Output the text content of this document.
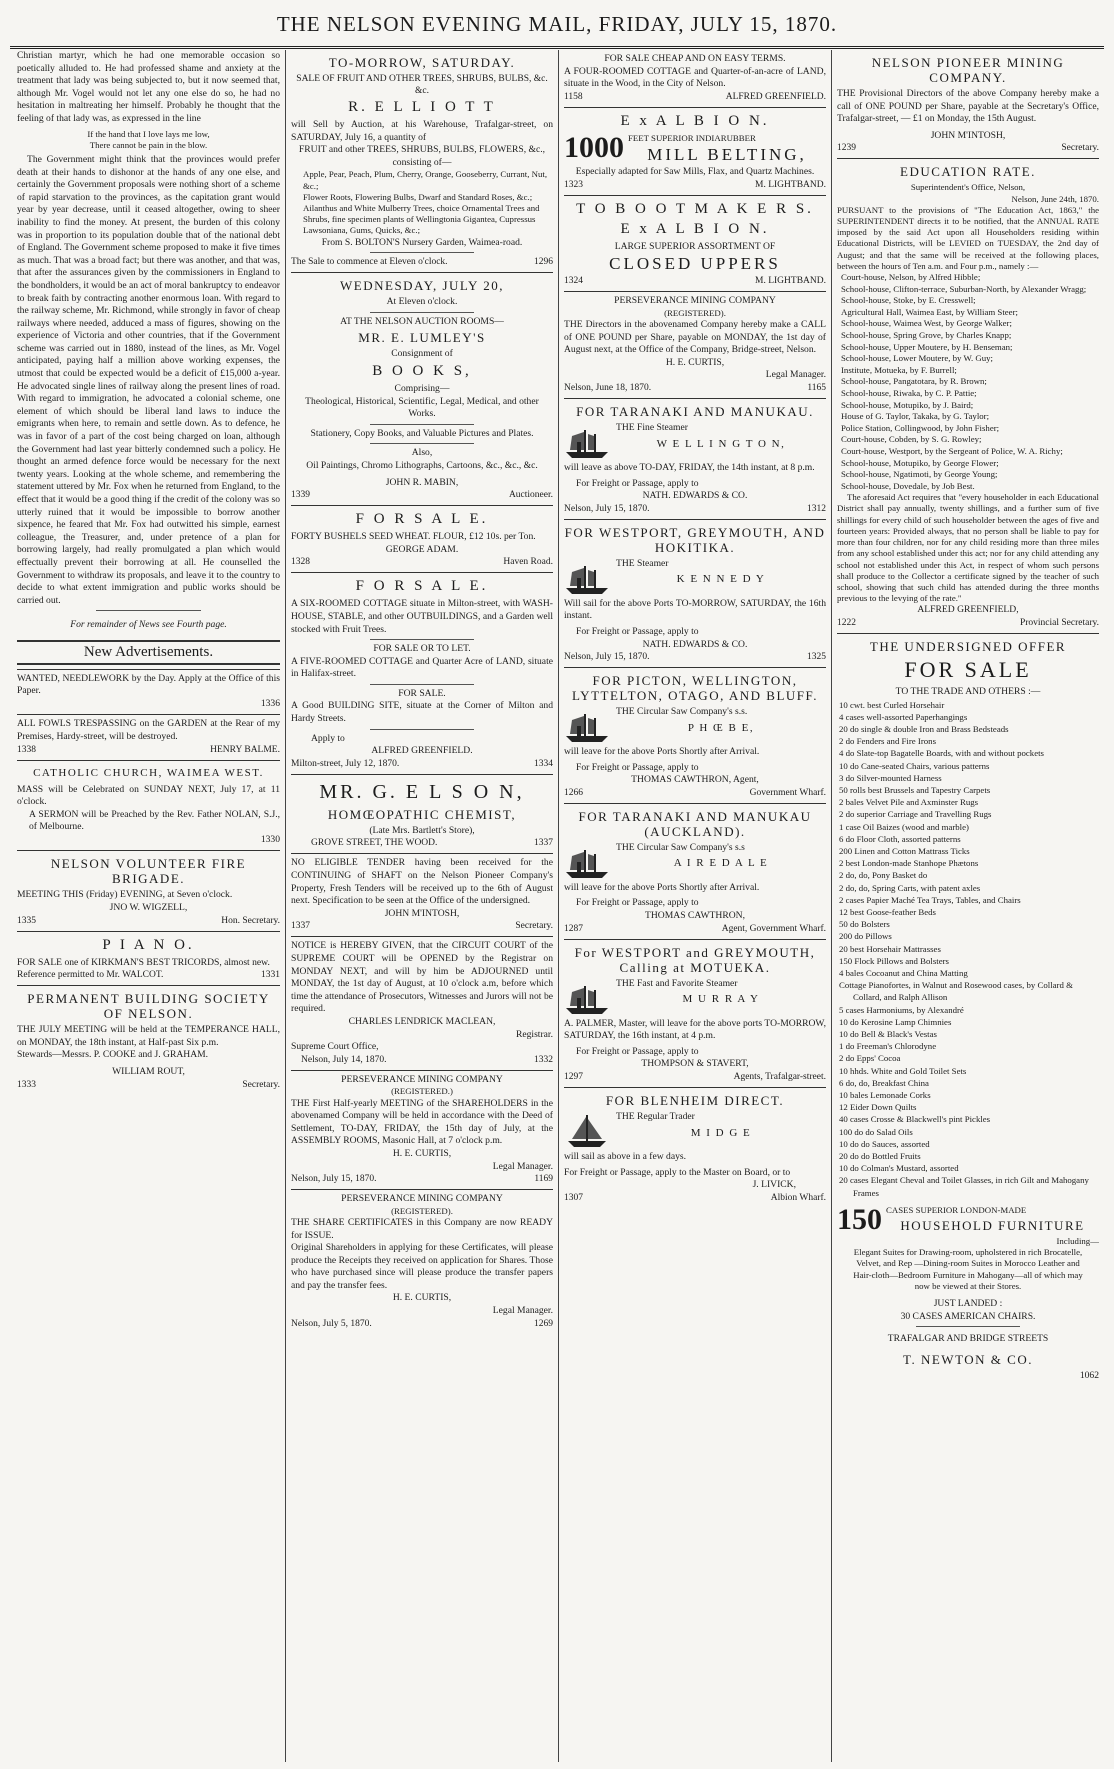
THE NELSON EVENING MAIL, FRIDAY, JULY 15, 1870.

Christian martyr, which he had one memorable occasion so poetically alluded to. He had professed shame and anxiety at the treatment that lady was being subjected to, but it now seemed that, although Mr. Vogel would not let any one else do so, he had no hesitation in maltreating her himself. Probably he thought that the feeling of that lady was, as expressed in the line

If the hand that I love lays me low,
There cannot be pain in the blow.

The Government might think that the provinces would prefer death at their hands to dishonor at the hands of any one else, and certainly the Government proposals were nothing short of a scheme of rapid starvation to the provinces, as the capitation grant would year by year decrease, until it ceased altogether, owing to sheer inability to find the money. At present, the burden of this colony was in proportion to its population double that of the national debt of England. The Government scheme proposed to make it five times as much. That was a broad fact; but there was another, and that was, that after the assurances given by the commissioners in England to the bondholders, it would be an act of moral bankruptcy to endeavor to break faith by contracting another enormous loan. With regard to the railway scheme, Mr. Richmond, while strongly in favor of cheap railways where needed, adduced a mass of figures, showing on the experience of Victoria and other countries, that if the Government scheme was carried out in 1880, instead of the lines, as Mr. Vogel anticipated, paying half a million above working expenses, the utmost that could be expected would be a deficit of £15,000 a-year. He advocated single lines of railway along the present lines of road. With regard to immigration, he advocated a colonial scheme, one element of which should be liberal land laws to induce the emigrants when here, to remain and settle down. As to defence, he was in favor of a part of the cost being charged on loan, although the Government had last year bitterly condemned such a policy. He thought an armed defence force would be necessary for the next twenty years. Looking at the whole scheme, and remembering the statement uttered by Mr. Fox when he returned from England, to the effect that it would be a good thing if the credit of the colony was so utterly ruined that it would be impossible to borrow another sixpence, he feared that Mr. Fox had outwitted his simple, earnest colleague, the Treasurer, and, under pretence of a plan for borrowing largely, had really promulgated a plan which would effectually prevent their borrowing at all. He counselled the Government to withdraw its proposals, and leave it to the country to decide to what extent immigration and public works should be carried out.

For remainder of News see Fourth page.
New Advertisements.
WANTED, NEEDLEWORK by the Day. Apply at the Office of this Paper.
1336
ALL FOWLS TRESPASSING on the GARDEN at the Rear of my Premises, Hardy-street, will be destroyed.
1338	HENRY BALME.
CATHOLIC CHURCH, WAIMEA WEST.
MASS will be Celebrated on SUNDAY NEXT, July 17, at 11 o'clock.
A SERMON will be Preached by the Rev. Father NOLAN, S.J., of Melbourne.
1330
NELSON VOLUNTEER FIRE BRIGADE.
MEETING THIS (Friday) EVENING, at Seven o'clock.
JNO W. WIGZELL,
1335	Hon. Secretary.
P I A N O.
FOR SALE one of KIRKMAN'S BEST TRICORDS, almost new.
Reference permitted to Mr. WALCOT.	1331
PERMANENT BUILDING SOCIETY OF NELSON.
THE JULY MEETING will be held at the TEMPERANCE HALL, on MONDAY, the 18th instant, at Half-past Six p.m.
Stewards—Messrs. P. COOKE and J. GRAHAM.
WILLIAM ROUT,
1333	Secretary.
TO-MORROW, SATURDAY.
SALE OF FRUIT AND OTHER TREES, SHRUBS, BULBS, &c. &c.
R. E L L I O T T
will Sell by Auction, at his Warehouse, Trafalgar-street, on SATURDAY, July 16, a quantity of
FRUIT and other TREES, SHRUBS, BULBS, FLOWERS, &c., consisting of—
Apple, Pear, Peach, Plum, Cherry, Orange, Gooseberry, Currant, Nut, &c.;
Flower Roots, Flowering Bulbs, Dwarf and Standard Roses, &c.;
Ailanthus and White Mulberry Trees, choice Ornamental Trees and Shrubs, fine specimen plants of Wellingtonia Gigantea, Cupressus Lawsoniana, Gums, Quicks, &c.;
From S. BOLTON'S Nursery Garden, Waimea-road.
The Sale to commence at Eleven o'clock.	1296
WEDNESDAY, JULY 20,
At Eleven o'clock.
AT THE NELSON AUCTION ROOMS—
MR. E. LUMLEY'S
Consignment of
B O O K S,
Comprising—
Theological, Historical, Scientific, Legal, Medical, and other Works.
Stationery, Copy Books, and Valuable Pictures and Plates.
Also,
Oil Paintings, Chromo Lithographs, Cartoons, &c., &c., &c.
JOHN R. MABIN,
1339	Auctioneer.
F O R S A L E.
FORTY BUSHELS SEED WHEAT. FLOUR, £12 10s. per Ton.
GEORGE ADAM.
1328	Haven Road.
F O R S A L E.
A SIX-ROOMED COTTAGE situate in Milton-street, with WASH-HOUSE, STABLE, and other OUTBUILDINGS, and a Garden well stocked with Fruit Trees.
FOR SALE OR TO LET.
A FIVE-ROOMED COTTAGE and Quarter Acre of LAND, situate in Halifax-street.
FOR SALE.
A Good BUILDING SITE, situate at the Corner of Milton and Hardy Streets.
Apply to
ALFRED GREENFIELD.
Milton-street, July 12, 1870.	1334
MR. G. E L S O N,
HOMŒOPATHIC CHEMIST,
(Late Mrs. Bartlett's Store),
GROVE STREET, THE WOOD.	1337
NO ELIGIBLE TENDER having been received for the CONTINUING of SHAFT on the Nelson Pioneer Company's Property, Fresh Tenders will be received up to the 6th of August next. Specification to be seen at the Office of the undersigned.
JOHN M'INTOSH,
1337	Secretary.
NOTICE is HEREBY GIVEN, that the CIRCUIT COURT of the SUPREME COURT will be OPENED by the Registrar on MONDAY NEXT, and will by him be ADJOURNED until MONDAY, the 1st day of August, at 10 o'clock a.m, before which time the attendance of Prosecutors, Witnesses and Jurors will not be required.
CHARLES LENDRICK MACLEAN,
Registrar.
Supreme Court Office,
Nelson, July 14, 1870.	1332
PERSEVERANCE MINING COMPANY
(REGISTERED.)
THE First Half-yearly MEETING of the SHAREHOLDERS in the abovenamed Company will be held in accordance with the Deed of Settlement, TO-DAY, FRIDAY, the 15th day of July, at the ASSEMBLY ROOMS, Masonic Hall, at 7 o'clock p.m.
H. E. CURTIS,
Legal Manager.
Nelson, July 15, 1870.	1169
PERSEVERANCE MINING COMPANY
(REGISTERED).
THE SHARE CERTIFICATES in this Company are now READY for ISSUE.
Original Shareholders in applying for these Certificates, will please produce the Receipts they received on application for Shares. Those who have purchased since will please produce the transfer papers and pay the transfer fees.
H. E. CURTIS,
Legal Manager.
Nelson, July 5, 1870.	1269
FOR SALE CHEAP AND ON EASY TERMS.
A FOUR-ROOMED COTTAGE and Quarter-of-an-acre of LAND, situate in the Wood, in the City of Nelson.
1158	ALFRED GREENFIELD.
E x A L B I O N.
1000 FEET SUPERIOR INDIARUBBER
MILL BELTING,
Especially adapted for Saw Mills, Flax, and Quartz Machines.
1323	M. LIGHTBAND.
T O B O O T M A K E R S.
E x A L B I O N.
LARGE SUPERIOR ASSORTMENT OF
CLOSED UPPERS
1324	M. LIGHTBAND.
PERSEVERANCE MINING COMPANY
(REGISTERED).
THE Directors in the abovenamed Company hereby make a CALL of ONE POUND per Share, payable on MONDAY, the 1st day of August next, at the Office of the Company, Bridge-street, Nelson.
H. E. CURTIS,
Legal Manager.
Nelson, June 18, 1870.	1165
FOR TARANAKI AND MANUKAU.
THE Fine Steamer
W E L L I N G T O N,
will leave as above TO-DAY, FRIDAY, the 14th instant, at 8 p.m.
For Freight or Passage, apply to
NATH. EDWARDS & CO.
Nelson, July 15, 1870.	1312
FOR WESTPORT, GREYMOUTH, AND HOKITIKA.
THE Steamer
K E N N E D Y
Will sail for the above Ports TO-MORROW, SATURDAY, the 16th instant.
For Freight or Passage, apply to
NATH. EDWARDS & CO.
Nelson, July 15, 1870.	1325
FOR PICTON, WELLINGTON, LYTTELTON, OTAGO, AND BLUFF.
THE Circular Saw Company's s.s.
P H Œ B E,
will leave for the above Ports Shortly after Arrival.
For Freight or Passage, apply to
THOMAS CAWTHRON, Agent,
1266	Government Wharf.
FOR TARANAKI AND MANUKAU (AUCKLAND).
THE Circular Saw Company's s.s
A I R E D A L E
will leave for the above Ports Shortly after Arrival.
For Freight or Passage, apply to
THOMAS CAWTHRON,
1287	Agent, Government Wharf.
For WESTPORT and GREYMOUTH, Calling at MOTUEKA.
THE Fast and Favorite Steamer
M U R R A Y
A. PALMER, Master, will leave for the above ports TO-MORROW, SATURDAY, the 16th instant, at 4 p.m.
For Freight or Passage, apply to
THOMPSON & STAVERT,
1297	Agents, Trafalgar-street.
FOR BLENHEIM DIRECT.
THE Regular Trader
M I D G E
will sail as above in a few days.
For Freight or Passage, apply to the Master on Board, or to
J. LIVICK,
1307	Albion Wharf.
NELSON PIONEER MINING COMPANY.
THE Provisional Directors of the above Company hereby make a call of ONE POUND per Share, payable at the Secretary's Office, Trafalgar-street, — £1 on Monday, the 15th August.
JOHN M'INTOSH,
1239	Secretary.
EDUCATION RATE.
Superintendent's Office, Nelson,
Nelson, June 24th, 1870.
PURSUANT to the provisions of "The Education Act, 1863," the SUPERINTENDENT directs it to be notified, that the ANNUAL RATE imposed by the said Act upon all Householders residing within Educational Districts, will be LEVIED on TUESDAY, the 2nd day of August; and that the same will be received at the following places, between the hours of Ten a.m. and Four p.m., namely :—
Court-house, Nelson, by Alfred Hibble;
School-house, Clifton-terrace, Suburban-North, by Alexander Wragg;
School-house, Stoke, by E. Cresswell;
Agricultural Hall, Waimea East, by William Steer;
School-house, Waimea West, by George Walker;
School-house, Spring Grove, by Charles Knapp;
School-house, Upper Moutere, by H. Benseman;
School-house, Lower Moutere, by W. Guy;
Institute, Motueka, by F. Burrell;
School-house, Pangatotara, by R. Brown;
School-house, Riwaka, by C. P. Pattie;
School-house, Motupiko, by J. Baird;
House of G. Taylor, Takaka, by G. Taylor;
Police Station, Collingwood, by John Fisher;
Court-house, Cobden, by S. G. Rowley;
Court-house, Westport, by the Sergeant of Police, W. A. Richy;
School-house, Motupiko, by George Flower;
School-house, Ngatimoti, by George Young;
School-house, Dovedale, by Job Best.
The aforesaid Act requires that "every householder in each Educational District shall pay annually, twenty shillings, and a further sum of five shillings for every child of such householder between the ages of five and fourteen years: Provided always, that no person shall be liable to pay for more than four children, nor for any child residing more than three miles from any school established under this act; nor for any child attending any school not established under this Act, in respect of whom such persons shall produce to the Collector a certificate signed by the teacher of such school, showing that such child has attended during the three months previous to the levying of the rate."
ALFRED GREENFIELD,
1222	Provincial Secretary.
THE UNDERSIGNED OFFER
FOR SALE
TO THE TRADE AND OTHERS :—
10 cwt. best Curled Horsehair
4 cases well-assorted Paperhangings
20 do single & double Iron and Brass Bedsteads
2 do Fenders and Fire Irons
4 do Slate-top Bagatelle Boards, with and without pockets
10 do Cane-seated Chairs, various patterns
3 do Silver-mounted Harness
50 rolls best Brussels and Tapestry Carpets
2 bales Velvet Pile and Axminster Rugs
2 do superior Carriage and Travelling Rugs
1 case Oil Baizes (wood and marble)
6 do Floor Cloth, assorted patterns
200 Linen and Cotton Mattrass Ticks
2 best London-made Stanhope Phætons
2 do, do, Pony Basket do
2 do, do, Spring Carts, with patent axles
2 cases Papier Maché Tea Trays, Tables, and Chairs
12 best Goose-feather Beds
50 do Bolsters
200 do Pillows
20 best Horsehair Mattrasses
150 Flock Pillows and Bolsters
4 bales Cocoanut and China Matting
Cottage Pianofortes, in Walnut and Rosewood cases, by Collard & Collard, and Ralph Allison
5 cases Harmoniums, by Alexandré
10 do Kerosine Lamp Chimnies
10 do Bell & Black's Vestas
1 do Freeman's Chlorodyne
2 do Epps' Cocoa
10 hhds. White and Gold Toilet Sets
6 do, do, Breakfast China
10 bales Lemonade Corks
12 Eider Down Quilts
40 cases Crosse & Blackwell's pint Pickles
100 do do Salad Oils
10 do do Sauces, assorted
20 do do Bottled Fruits
10 do Colman's Mustard, assorted
20 cases Elegant Cheval and Toilet Glasses, in rich Gilt and Mahogany Frames
150 CASES SUPERIOR LONDON-MADE
HOUSEHOLD FURNITURE
Including—
Elegant Suites for Drawing-room, upholstered in rich Brocatelle, Velvet, and Rep —Dining-room Suites in Morocco Leather and Hair-cloth—Bedroom Furniture in Mahogany—all of which may now be viewed at their Stores.
JUST LANDED :
30 CASES AMERICAN CHAIRS.
TRAFALGAR AND BRIDGE STREETS
T. NEWTON & CO.
1062
